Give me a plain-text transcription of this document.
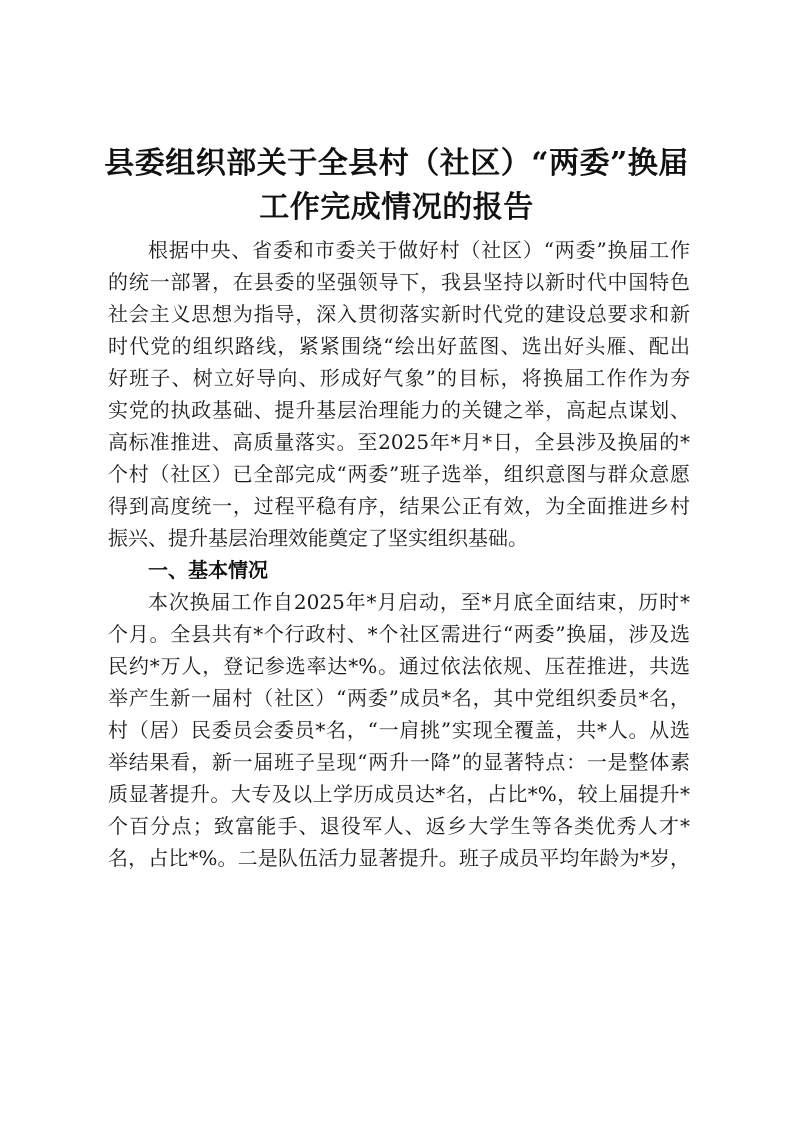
县委组织部关于全县村（社区）“两委”换届
工作完成情况的报告

根据中央、省委和市委关于做好村（社区）“两委”换届工作

的统一部署，在县委的坚强领导下，我县坚持以新时代中国特色

社会主义思想为指导，深入贯彻落实新时代党的建设总要求和新

时代党的组织路线，紧紧围绕“绘出好蓝图、选出好头雁、配出

好班子、树立好导向、形成好气象”的目标，将换届工作作为夯

实党的执政基础、提升基层治理能力的关键之举，高起点谋划、

高标准推进、高质量落实。至2025年*月*日，全县涉及换届的*

个村（社区）已全部完成“两委”班子选举，组织意图与群众意愿

得到高度统一，过程平稳有序，结果公正有效，为全面推进乡村

振兴、提升基层治理效能奠定了坚实组织基础。

一、基本情况

本次换届工作自2025年*月启动，至*月底全面结束，历时*

个月。全县共有*个行政村、*个社区需进行“两委”换届，涉及选

民约*万人，登记参选率达*%。通过依法依规、压茬推进，共选

举产生新一届村（社区）“两委”成员*名，其中党组织委员*名，

村（居）民委员会委员*名，“一肩挑”实现全覆盖，共*人。从选

举结果看，新一届班子呈现“两升一降”的显著特点：一是整体素

质显著提升。大专及以上学历成员达*名，占比*%，较上届提升*

个百分点；致富能手、退役军人、返乡大学生等各类优秀人才*

名，占比*%。二是队伍活力显著提升。班子成员平均年龄为*岁，
